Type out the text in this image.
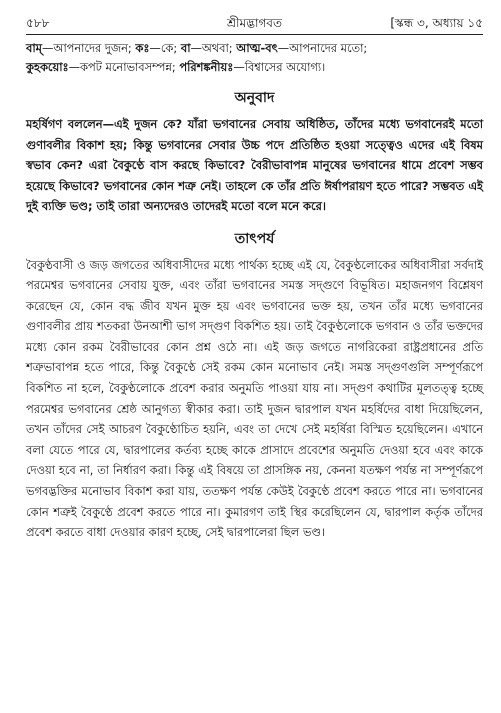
৫৮৮	শ্রীমদ্ভাগবত	[স্কন্ধ ৩, অধ্যায় ১৫
বাম্—আপনাদের দুজন; কঃ—কে; বা—অথবা; আত্ম-বৎ—আপনাদের মতো;
কুহকয়োঃ—কপট মনোভাবসম্পন্ন; পরিশঙ্কনীয়ঃ—বিশ্বাসের অযোগ্য।
অনুবাদ

মহর্ষিগণ বললেন—এই দুজন কে? যাঁরা ভগবানের সেবায় অধিষ্ঠিত, তাঁদের মধ্যে ভগবানেরই মতো গুণাবলীর বিকাশ হয়; কিন্তু ভগবানের সেবার উচ্চ পদে প্রতিষ্ঠিত হওয়া সত্ত্বেও এদের এই বিষম স্বভাব কেন? এরা বৈকুণ্ঠে বাস করছে কিভাবে? বৈরীভাবাপন্ন মানুষের ভগবানের ধামে প্রবেশ সম্ভব হয়েছে কিভাবে? ভগবানের কোন শত্রু নেই। তাহলে কে তাঁর প্রতি ঈর্ষাপরায়ণ হতে পারে? সম্ভবত এই দুই ব্যক্তি ভণ্ড; তাই তারা অন্যদেরও তাদেরই মতো বলে মনে করে।

তাৎপর্য

বৈকুণ্ঠবাসী ও জড় জগতের অধিবাসীদের মধ্যে পার্থক্য হচ্ছে এই যে, বৈকুণ্ঠলোকের অধিবাসীরা সর্বদাই পরমেশ্বর ভগবানের সেবায় যুক্ত, এবং তাঁরা ভগবানের সমস্ত সদ্‌গুণে বিভূষিত। মহাজনগণ বিশ্লেষণ করেছেন যে, কোন বদ্ধ জীব যখন মুক্ত হয় এবং ভগবানের ভক্ত হয়, তখন তাঁর মধ্যে ভগবানের গুণাবলীর প্রায় শতকরা উনআশী ভাগ সদ্‌গুণ বিকশিত হয়। তাই বৈকুণ্ঠলোকে ভগবান ও তাঁর ভক্তদের মধ্যে কোন রকম বৈরীভাবের কোন প্রশ্ন ওঠে না। এই জড় জগতে নাগরিকেরা রাষ্ট্রপ্রধানের প্রতি শত্রুভাবাপন্ন হতে পারে, কিন্তু বৈকুণ্ঠে সেই রকম কোন মনোভাব নেই। সমস্ত সদ্‌গুণগুলি সম্পূর্ণরূপে বিকশিত না হলে, বৈকুণ্ঠলোকে প্রবেশ করার অনুমতি পাওয়া যায় না। সদ্‌গুণ কথাটির মূলতত্ত্ব হচ্ছে পরমেশ্বর ভগবানের শ্রেষ্ঠ আনুগত্য স্বীকার করা। তাই দুজন দ্বারপাল যখন মহর্ষিদের বাধা দিয়েছিলেন, তখন তাঁদের সেই আচরণ বৈকুণ্ঠোচিত হয়নি, এবং তা দেখে সেই মহর্ষিরা বিস্মিত হয়েছিলেন। এখানে বলা যেতে পারে যে, দ্বারপালের কর্তব্য হচ্ছে কাকে প্রাসাদে প্রবেশের অনুমতি দেওয়া হবে এবং কাকে দেওয়া হবে না, তা নির্ধারণ করা। কিন্তু এই বিষয়ে তা প্রাসঙ্গিক নয়, কেননা যতক্ষণ পর্যন্ত না সম্পূর্ণরূপে ভগবদ্ভক্তির মনোভাব বিকাশ করা যায়, ততক্ষণ পর্যন্ত কেউই বৈকুণ্ঠে প্রবেশ করতে পারে না। ভগবানের কোন শত্রুই বৈকুণ্ঠে প্রবেশ করতে পারে না। কুমারগণ তাই স্থির করেছিলেন যে, দ্বারপাল কর্তৃক তাঁদের প্রবেশ করতে বাধা দেওয়ার কারণ হচ্ছে, সেই দ্বারপালেরা ছিল ভণ্ড।
